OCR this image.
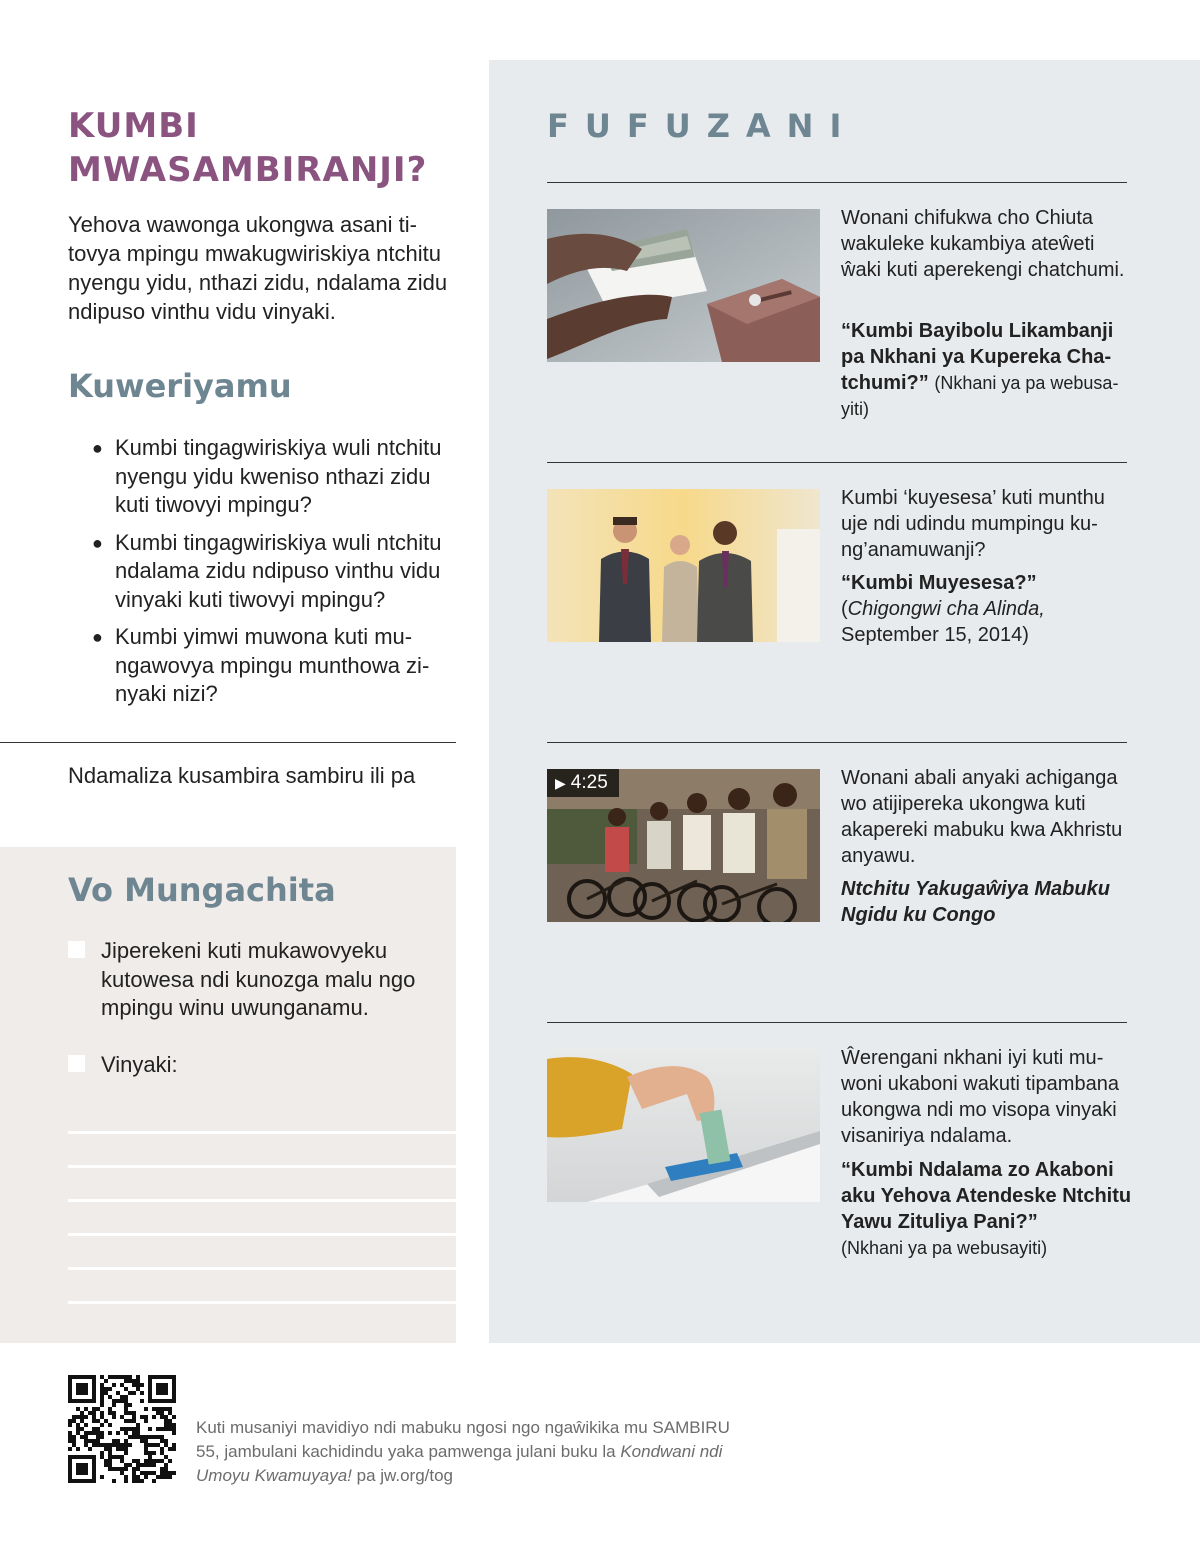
KUMBI
MWASAMBIRANJI?
Yehova wawonga ukongwa asani titovya mpingu mwakugwiriskiya ntchitu nyengu yidu, nthazi zidu, ndalama zidu ndipuso vinthu vidu vinyaki.
Kuweriyamu
● Kumbi tingagwiriskiya wuli ntchitu nyengu yidu kweniso nthazi zidu kuti tiwovyi mpingu?
● Kumbi tingagwiriskiya wuli ntchitu ndalama zidu ndipuso vinthu vidu vinyaki kuti tiwovyi mpingu?
● Kumbi yimwi muwona kuti mungawovya mpingu munthowa zinyaki nizi?
Ndamaliza kusambira sambiru ili pa
Vo Mungachita
Jiperekeni kuti mukawovyeku kutowesa ndi kunozga malu ngo mpingu winu uwunganamu.
Vinyaki:
FUFUZANI
Wonani chifukwa cho Chiuta wakuleke kukambiya ateŵeti ŵaki kuti aperekengi chatchumi.
“Kumbi Bayibolu Likambanji pa Nkhani ya Kupereka Chatchumi?” (Nkhani ya pa webusayiti)
Kumbi ‘kuyesesa’ kuti munthu uje ndi udindu mumpingu kung’anamuwanji?
“Kumbi Muyesesa?” (Chigongwi cha Alinda, September 15, 2014)
▶ 4:25	Wonani abali anyaki achiganga wo atijipereka ukongwa kuti akapereki mabuku kwa Akhristu anyawu.
Ntchitu Yakugaŵiya Mabuku Ngidu ku Congo
Ŵerengani nkhani iyi kuti muwoni ukaboni wakuti tipambana ukongwa ndi mo visopa vinyaki visaniriya ndalama.
“Kumbi Ndalama zo Akaboni aku Yehova Atendeske Ntchitu Yawu Zituliya Pani?”
(Nkhani ya pa webusayiti)
Kuti musaniyi mavidiyo ndi mabuku ngosi ngo ngaŵikika mu SAMBIRU 55, jambulani kachidindu yaka pamwenga julani buku la Kondwani ndi Umoyu Kwamuyaya! pa jw.org/tog
